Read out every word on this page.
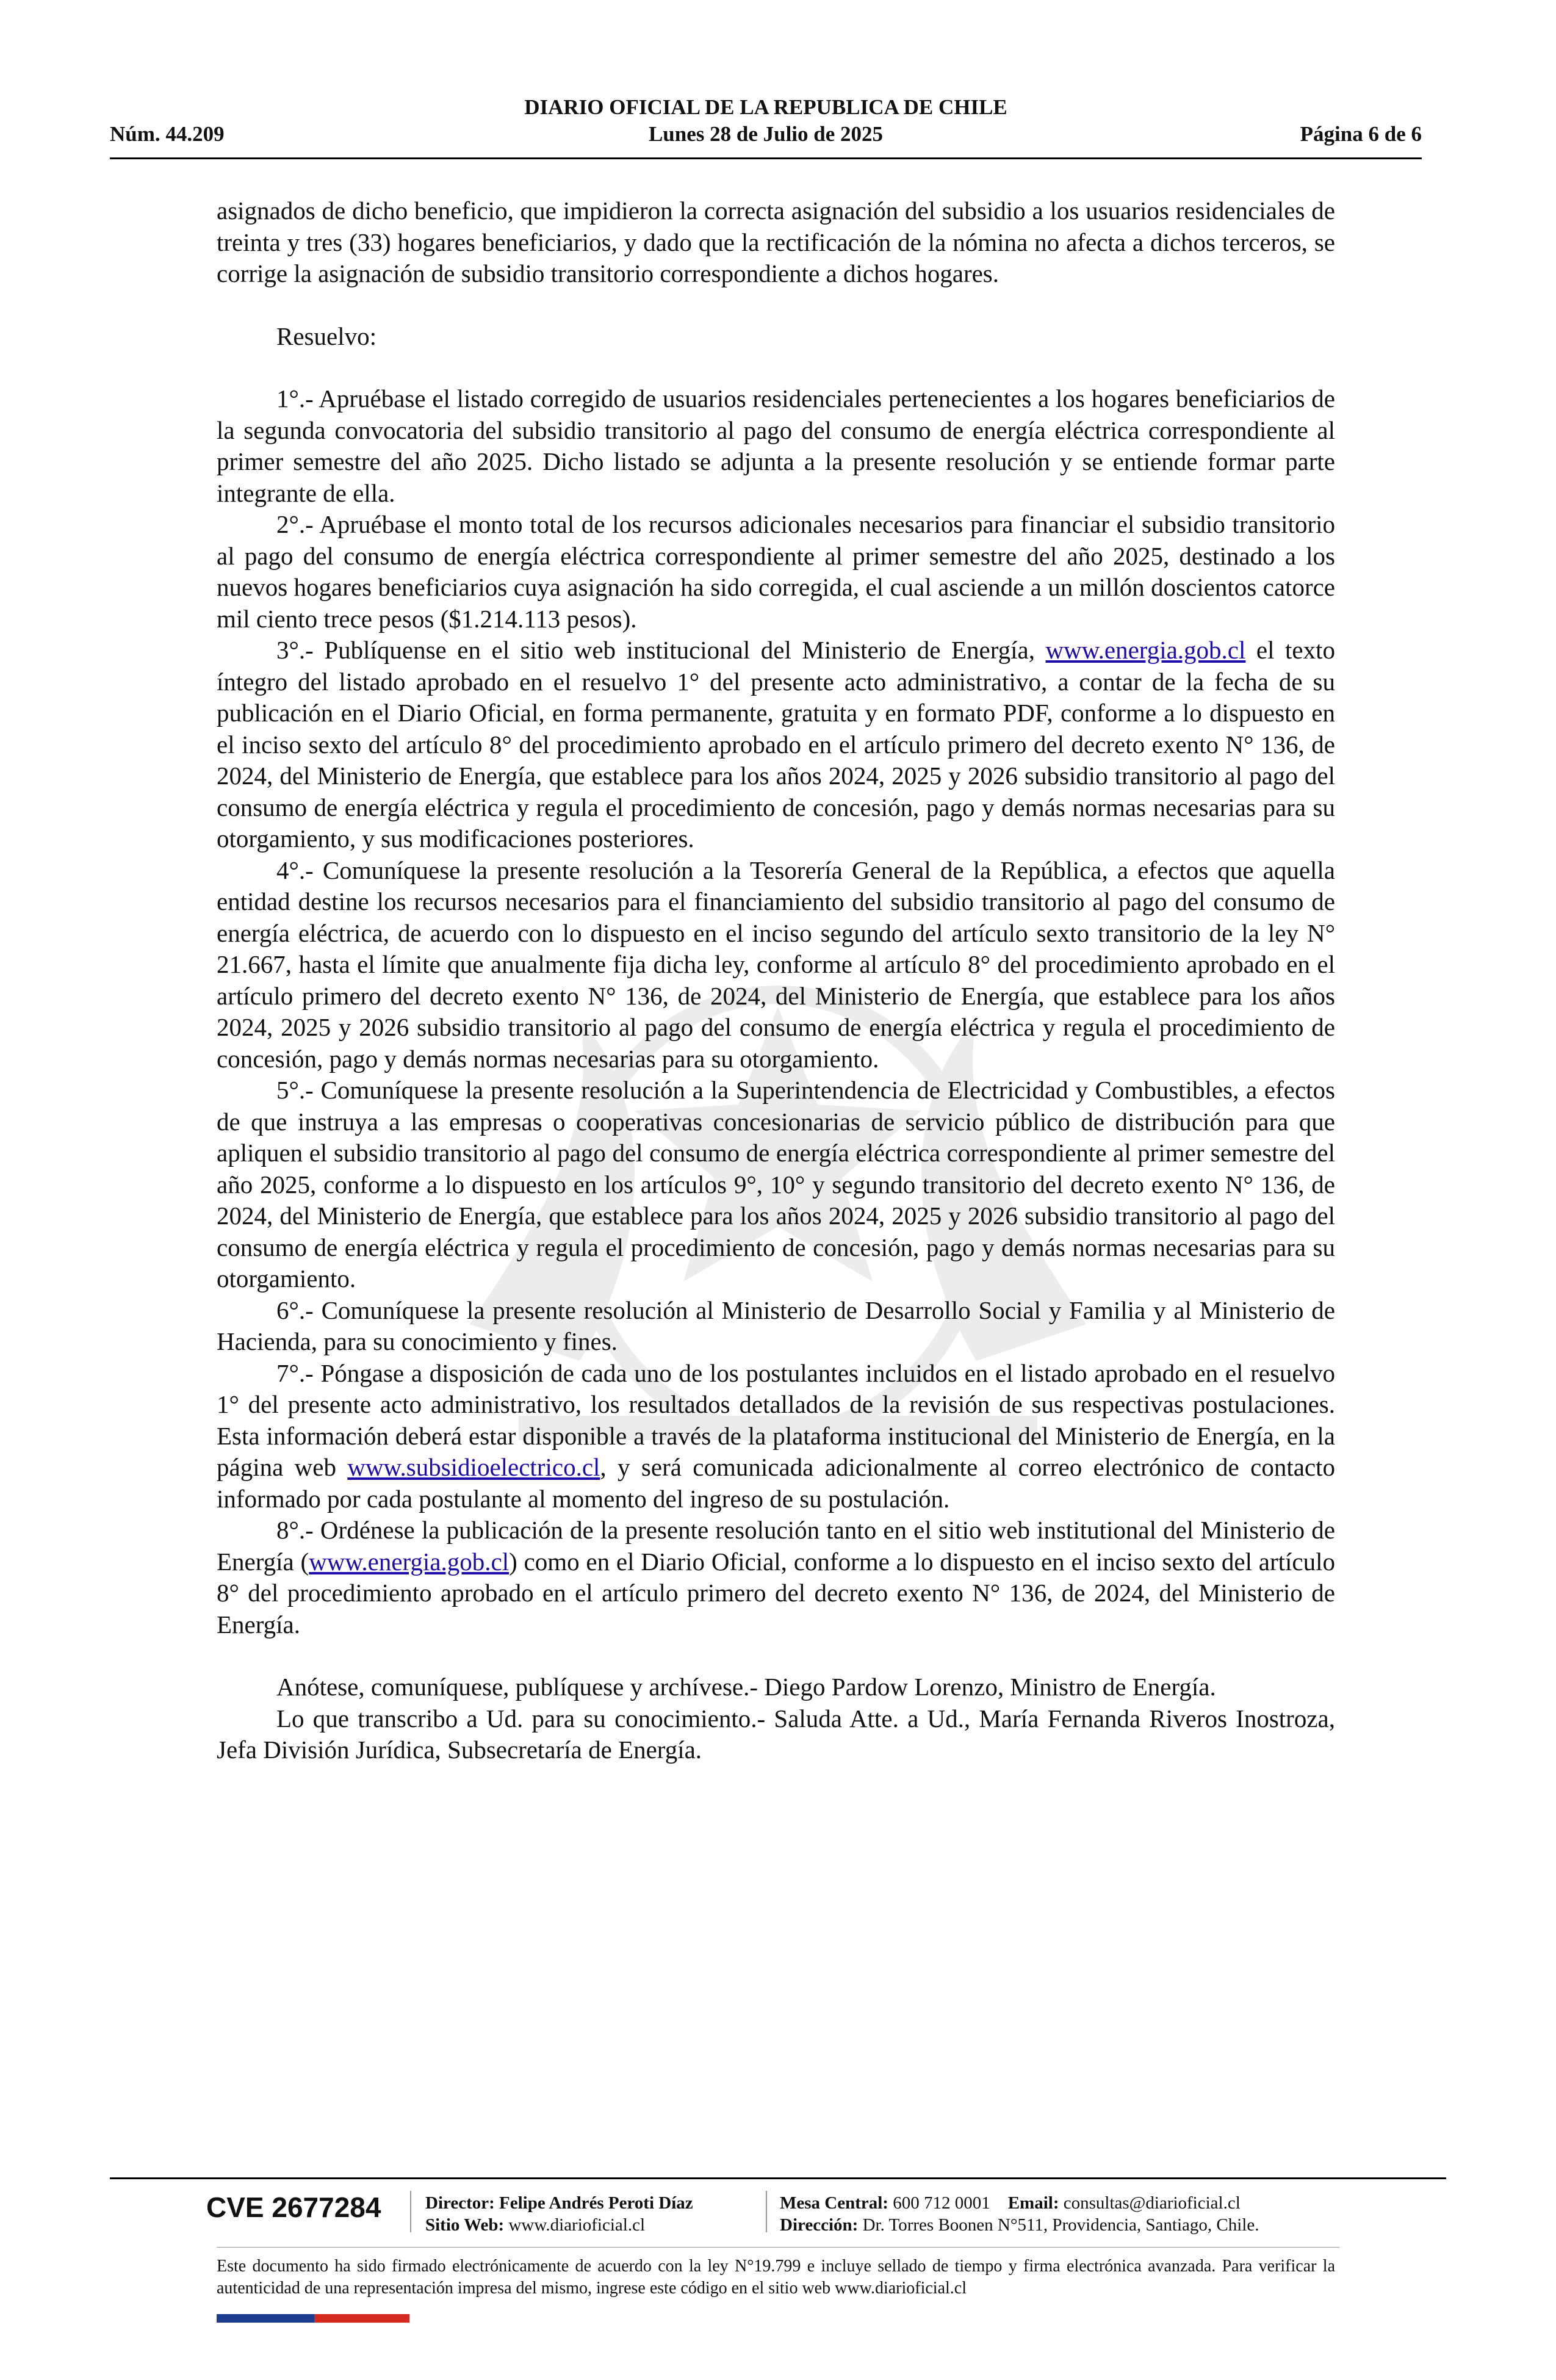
DIARIO OFICIAL DE LA REPUBLICA DE CHILE
Núm. 44.209	Lunes 28 de Julio de 2025	Página 6 de 6

asignados de dicho beneficio, que impidieron la correcta asignación del subsidio a los usuarios residenciales de treinta y tres (33) hogares beneficiarios, y dado que la rectificación de la nómina no afecta a dichos terceros, se corrige la asignación de subsidio transitorio correspondiente a dichos hogares.

Resuelvo:

1°.- Apruébase el listado corregido de usuarios residenciales pertenecientes a los hogares beneficiarios de la segunda convocatoria del subsidio transitorio al pago del consumo de energía eléctrica correspondiente al primer semestre del año 2025. Dicho listado se adjunta a la presente resolución y se entiende formar parte integrante de ella.

2°.- Apruébase el monto total de los recursos adicionales necesarios para financiar el subsidio transitorio al pago del consumo de energía eléctrica correspondiente al primer semestre del año 2025, destinado a los nuevos hogares beneficiarios cuya asignación ha sido corregida, el cual asciende a un millón doscientos catorce mil ciento trece pesos ($1.214.113 pesos).

3°.- Publíquense en el sitio web institucional del Ministerio de Energía, www.energia.gob.cl el texto íntegro del listado aprobado en el resuelvo 1° del presente acto administrativo, a contar de la fecha de su publicación en el Diario Oficial, en forma permanente, gratuita y en formato PDF, conforme a lo dispuesto en el inciso sexto del artículo 8° del procedimiento aprobado en el artículo primero del decreto exento N° 136, de 2024, del Ministerio de Energía, que establece para los años 2024, 2025 y 2026 subsidio transitorio al pago del consumo de energía eléctrica y regula el procedimiento de concesión, pago y demás normas necesarias para su otorgamiento, y sus modificaciones posteriores.

4°.- Comuníquese la presente resolución a la Tesorería General de la República, a efectos que aquella entidad destine los recursos necesarios para el financiamiento del subsidio transitorio al pago del consumo de energía eléctrica, de acuerdo con lo dispuesto en el inciso segundo del artículo sexto transitorio de la ley N° 21.667, hasta el límite que anualmente fija dicha ley, conforme al artículo 8° del procedimiento aprobado en el artículo primero del decreto exento N° 136, de 2024, del Ministerio de Energía, que establece para los años 2024, 2025 y 2026 subsidio transitorio al pago del consumo de energía eléctrica y regula el procedimiento de concesión, pago y demás normas necesarias para su otorgamiento.

5°.- Comuníquese la presente resolución a la Superintendencia de Electricidad y Combustibles, a efectos de que instruya a las empresas o cooperativas concesionarias de servicio público de distribución para que apliquen el subsidio transitorio al pago del consumo de energía eléctrica correspondiente al primer semestre del año 2025, conforme a lo dispuesto en los artículos 9°, 10° y segundo transitorio del decreto exento N° 136, de 2024, del Ministerio de Energía, que establece para los años 2024, 2025 y 2026 subsidio transitorio al pago del consumo de energía eléctrica y regula el procedimiento de concesión, pago y demás normas necesarias para su otorgamiento.

6°.- Comuníquese la presente resolución al Ministerio de Desarrollo Social y Familia y al Ministerio de Hacienda, para su conocimiento y fines.

7°.- Póngase a disposición de cada uno de los postulantes incluidos en el listado aprobado en el resuelvo 1° del presente acto administrativo, los resultados detallados de la revisión de sus respectivas postulaciones. Esta información deberá estar disponible a través de la plataforma institucional del Ministerio de Energía, en la página web www.subsidioelectrico.cl, y será comunicada adicionalmente al correo electrónico de contacto informado por cada postulante al momento del ingreso de su postulación.

8°.- Ordénese la publicación de la presente resolución tanto en el sitio web institutional del Ministerio de Energía (www.energia.gob.cl) como en el Diario Oficial, conforme a lo dispuesto en el inciso sexto del artículo 8° del procedimiento aprobado en el artículo primero del decreto exento N° 136, de 2024, del Ministerio de Energía.

Anótese, comuníquese, publíquese y archívese.- Diego Pardow Lorenzo, Ministro de Energía.

Lo que transcribo a Ud. para su conocimiento.- Saluda Atte. a Ud., María Fernanda Riveros Inostroza, Jefa División Jurídica, Subsecretaría de Energía.

CVE 2677284	Director: Felipe Andrés Peroti Díaz
Sitio Web: www.diarioficial.cl
Mesa Central: 600 712 0001 Email: consultas@diarioficial.cl
Dirección: Dr. Torres Boonen N°511, Providencia, Santiago, Chile.
Este documento ha sido firmado electrónicamente de acuerdo con la ley N°19.799 e incluye sellado de tiempo y firma electrónica avanzada. Para verificar la autenticidad de una representación impresa del mismo, ingrese este código en el sitio web www.diarioficial.cl
